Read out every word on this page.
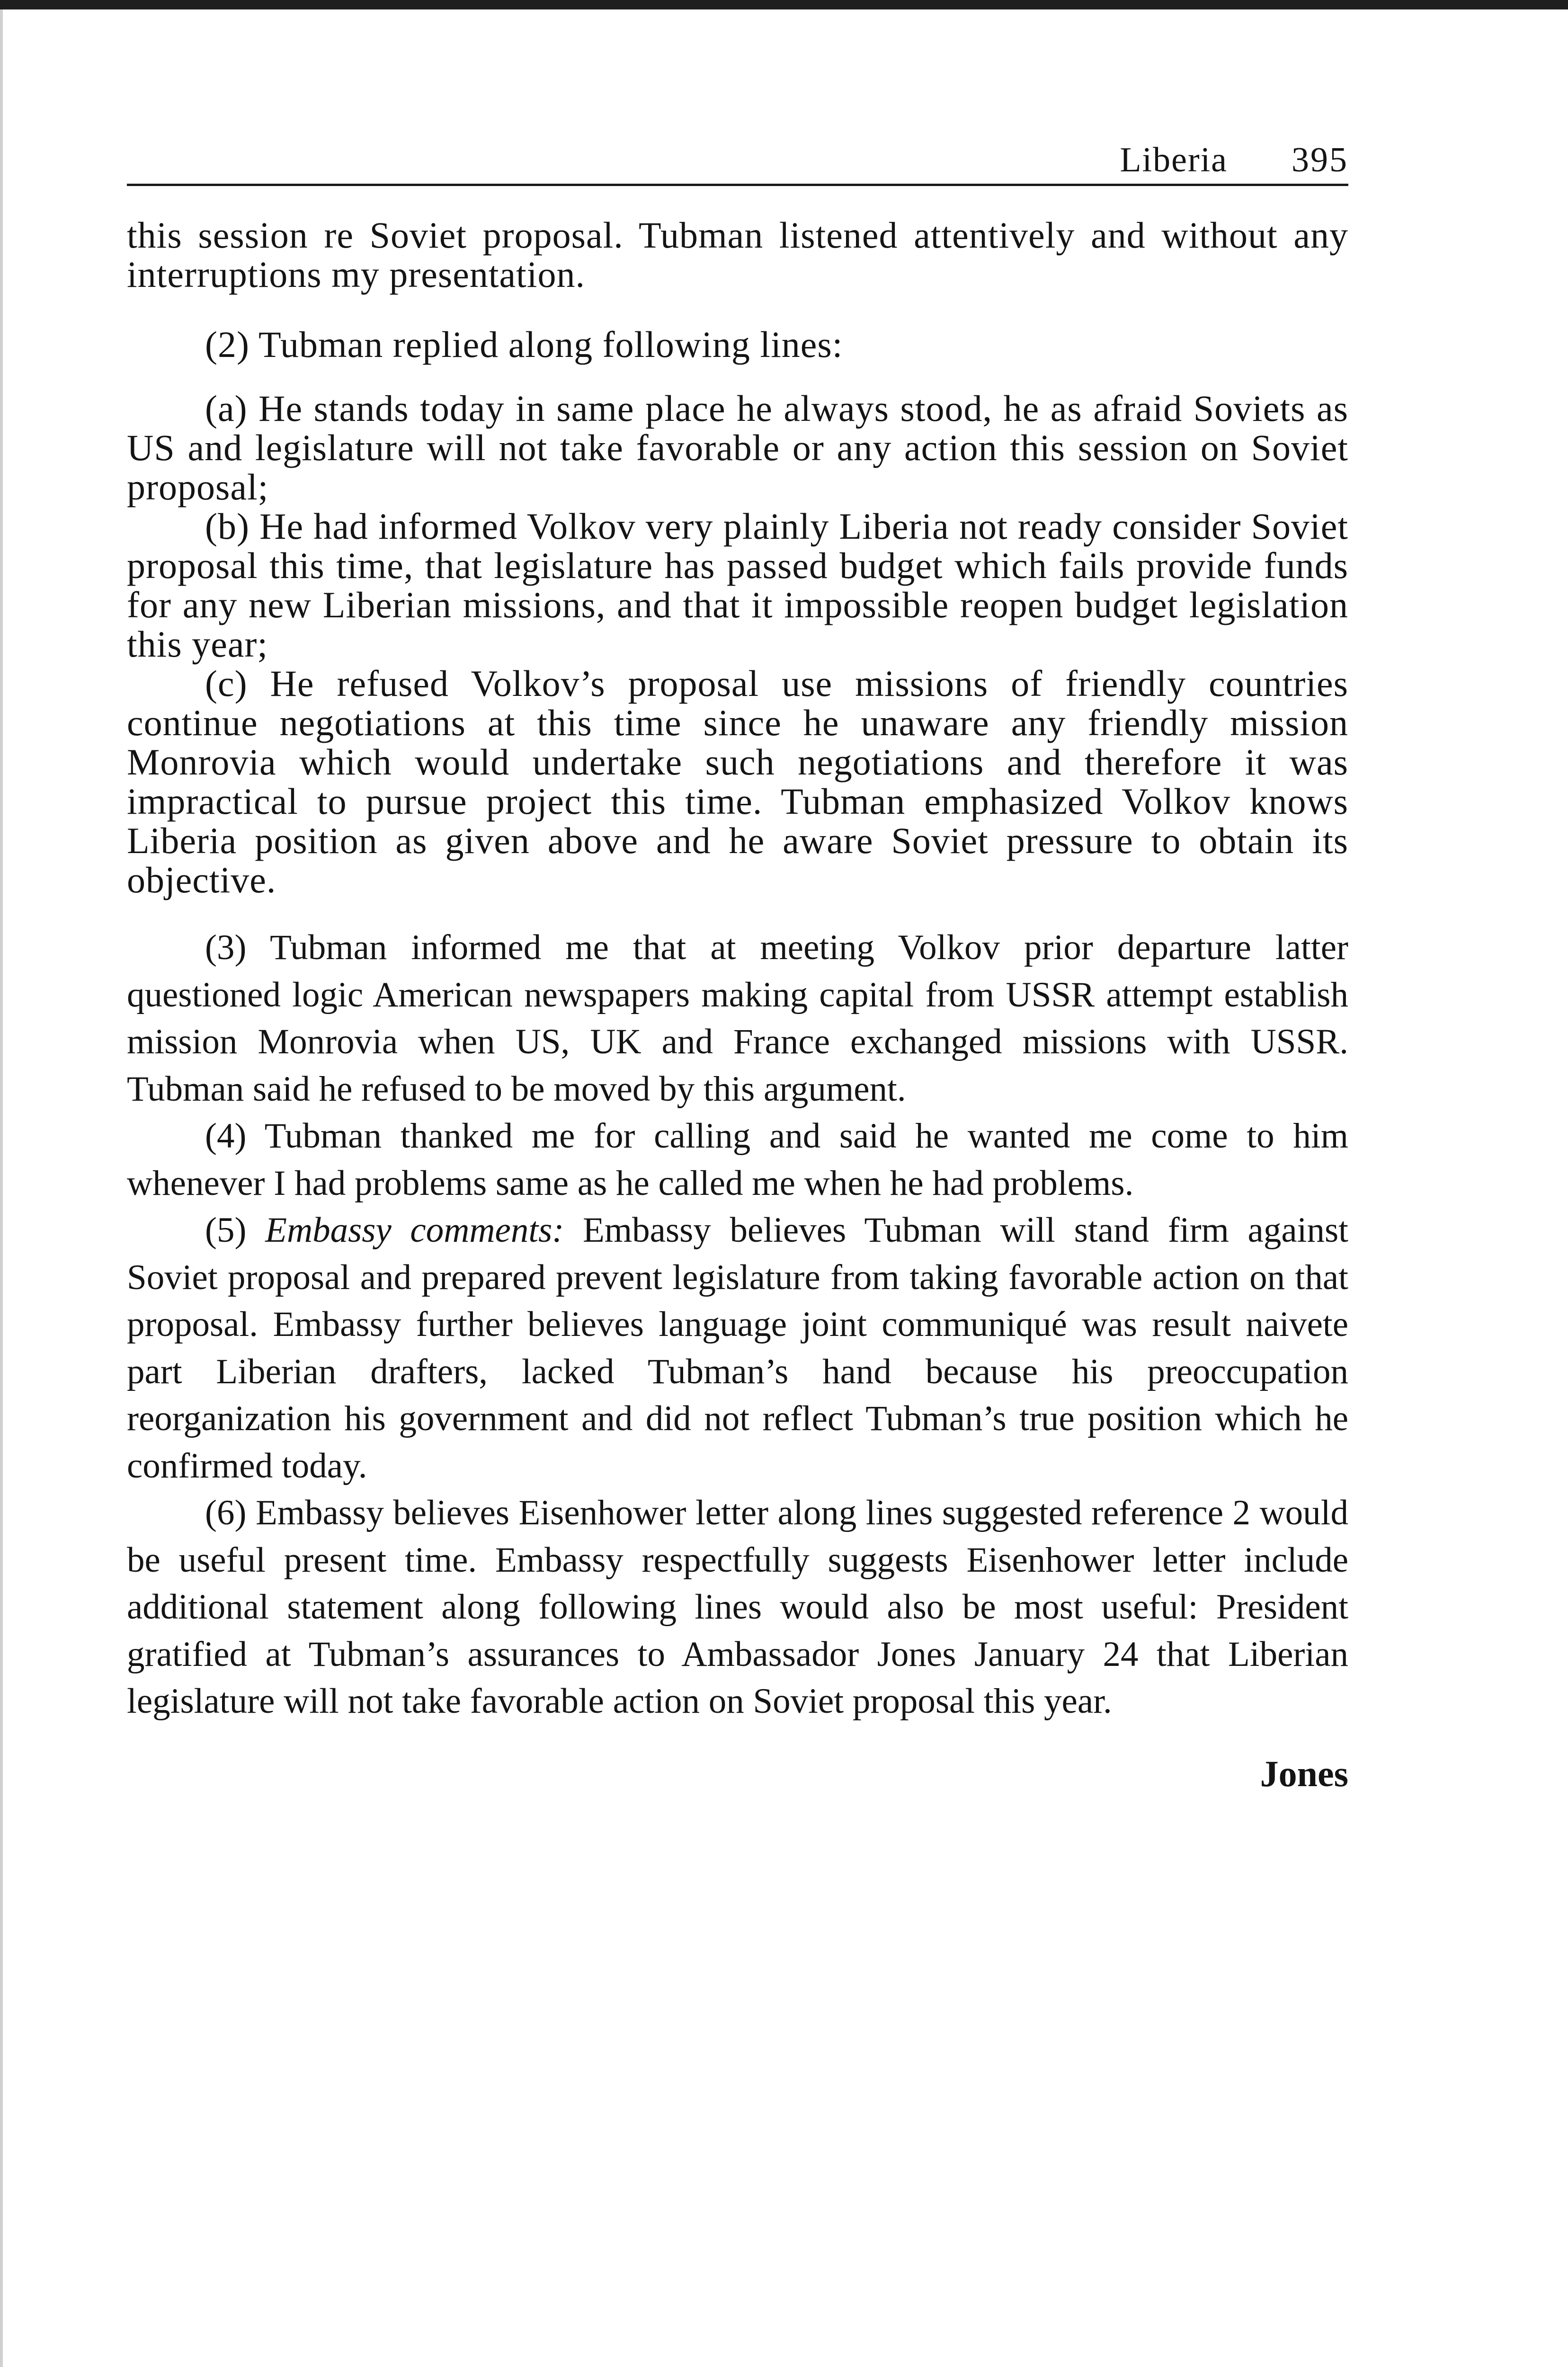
Liberia 395

this session re Soviet proposal. Tubman listened attentively and without any interruptions my presentation.

(2) Tubman replied along following lines:

(a) He stands today in same place he always stood, he as afraid Soviets as US and legislature will not take favorable or any action this session on Soviet proposal;

(b) He had informed Volkov very plainly Liberia not ready consider Soviet proposal this time, that legislature has passed budget which fails provide funds for any new Liberian missions, and that it impossible reopen budget legislation this year;

(c) He refused Volkov’s proposal use missions of friendly countries continue negotiations at this time since he unaware any friendly mission Monrovia which would undertake such negotiations and therefore it was impractical to pursue project this time. Tubman emphasized Volkov knows Liberia position as given above and he aware Soviet pressure to obtain its objective.

(3) Tubman informed me that at meeting Volkov prior departure latter questioned logic American newspapers making capital from USSR attempt establish mission Monrovia when US, UK and France exchanged missions with USSR. Tubman said he refused to be moved by this argument.

(4) Tubman thanked me for calling and said he wanted me come to him whenever I had problems same as he called me when he had problems.

(5) Embassy comments: Embassy believes Tubman will stand firm against Soviet proposal and prepared prevent legislature from taking favorable action on that proposal. Embassy further believes language joint communiqué was result naivete part Liberian drafters, lacked Tubman’s hand because his preoccupation reorganization his government and did not reflect Tubman’s true position which he confirmed today.

(6) Embassy believes Eisenhower letter along lines suggested reference 2 would be useful present time. Embassy respectfully suggests Eisenhower letter include additional statement along following lines would also be most useful: President gratified at Tubman’s assurances to Ambassador Jones January 24 that Liberian legislature will not take favorable action on Soviet proposal this year.

Jones
